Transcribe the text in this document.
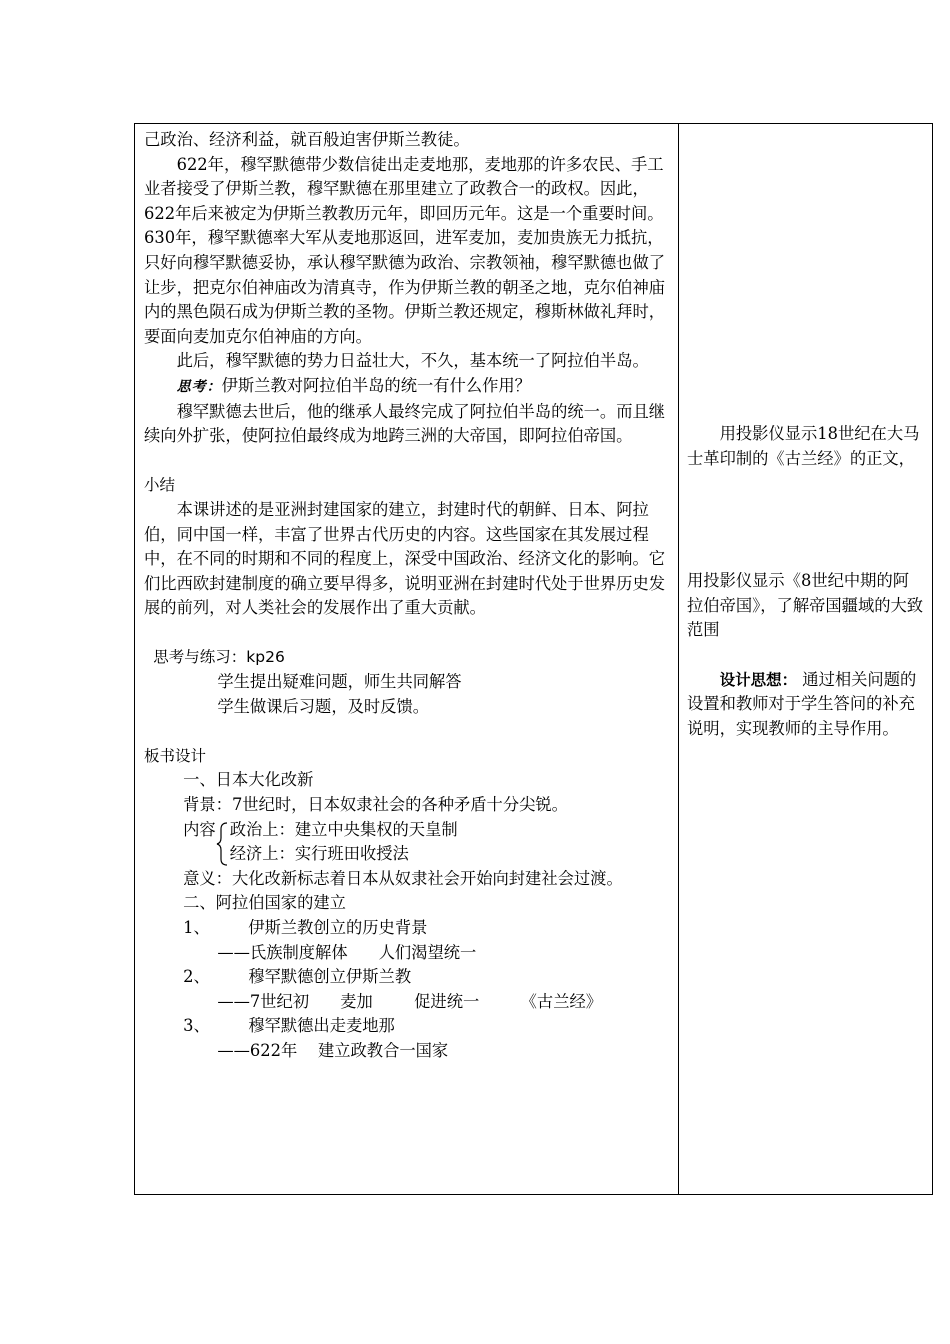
己政治、经济利益，就百般迫害伊斯兰教徒。

622年，穆罕默德带少数信徒出走麦地那，麦地那的许多农民、手工业者接受了伊斯兰教，穆罕默德在那里建立了政教合一的政权。因此，622年后来被定为伊斯兰教教历元年，即回历元年。这是一个重要时间。630年，穆罕默德率大军从麦地那返回，进军麦加，麦加贵族无力抵抗，只好向穆罕默德妥协，承认穆罕默德为政治、宗教领袖，穆罕默德也做了让步，把克尔伯神庙改为清真寺，作为伊斯兰教的朝圣之地，克尔伯神庙内的黑色陨石成为伊斯兰教的圣物。伊斯兰教还规定，穆斯林做礼拜时，要面向麦加克尔伯神庙的方向。

此后，穆罕默德的势力日益壮大，不久，基本统一了阿拉伯半岛。

思考：伊斯兰教对阿拉伯半岛的统一有什么作用？

穆罕默德去世后，他的继承人最终完成了阿拉伯半岛的统一。而且继续向外扩张，使阿拉伯最终成为地跨三洲的大帝国，即阿拉伯帝国。

小结

本课讲述的是亚洲封建国家的建立，封建时代的朝鲜、日本、阿拉伯，同中国一样，丰富了世界古代历史的内容。这些国家在其发展过程中，在不同的时期和不同的程度上，深受中国政治、经济文化的影响。它们比西欧封建制度的确立要早得多，说明亚洲在封建时代处于世界历史发展的前列，对人类社会的发展作出了重大贡献。

思考与练习：kp26

学生提出疑难问题，师生共同解答

学生做课后习题，及时反馈。

板书设计

一、日本大化改新

背景：7世纪时，日本奴隶社会的各种矛盾十分尖锐。

内容 政治上：建立中央集权的天皇制
经济上：实行班田收授法
意义： 大化改新标志着日本从奴隶社会开始向封建社会过渡。

二、阿拉伯国家的建立

1、	伊斯兰教创立的历史背景

——氏族制度解体      人们渴望统一

2、	穆罕默德创立伊斯兰教

——7世纪初      麦加        促进统一        《古兰经》

3、	穆罕默德出走麦地那

——622年    建立政教合一国家

用投影仪显示18世纪在大马士革印制的《古兰经》的正文，

用投影仪显示《8世纪中期的阿拉伯帝国》，了解帝国疆域的大致范围

设计思想： 通过相关问题的设置和教师对于学生答问的补充说明，实现教师的主导作用。
